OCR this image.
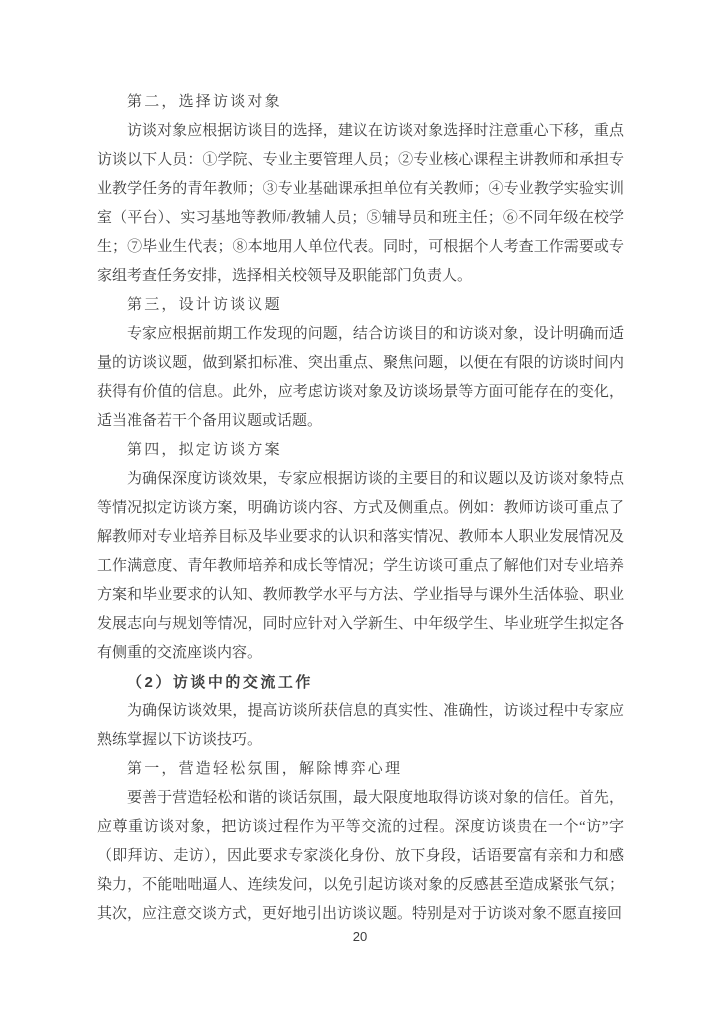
第二，选择访谈对象

访谈对象应根据访谈目的选择，建议在访谈对象选择时注意重心下移，重点访谈以下人员：①学院、专业主要管理人员；②专业核心课程主讲教师和承担专业教学任务的青年教师；③专业基础课承担单位有关教师；④专业教学实验实训室（平台）、实习基地等教师/教辅人员；⑤辅导员和班主任；⑥不同年级在校学生；⑦毕业生代表；⑧本地用人单位代表。同时，可根据个人考查工作需要或专家组考查任务安排，选择相关校领导及职能部门负责人。

第三，设计访谈议题

专家应根据前期工作发现的问题，结合访谈目的和访谈对象，设计明确而适量的访谈议题，做到紧扣标准、突出重点、聚焦问题，以便在有限的访谈时间内获得有价值的信息。此外，应考虑访谈对象及访谈场景等方面可能存在的变化，适当准备若干个备用议题或话题。

第四，拟定访谈方案

为确保深度访谈效果，专家应根据访谈的主要目的和议题以及访谈对象特点等情况拟定访谈方案，明确访谈内容、方式及侧重点。例如：教师访谈可重点了解教师对专业培养目标及毕业要求的认识和落实情况、教师本人职业发展情况及工作满意度、青年教师培养和成长等情况；学生访谈可重点了解他们对专业培养方案和毕业要求的认知、教师教学水平与方法、学业指导与课外生活体验、职业发展志向与规划等情况，同时应针对入学新生、中年级学生、毕业班学生拟定各有侧重的交流座谈内容。

（2）访谈中的交流工作

为确保访谈效果，提高访谈所获信息的真实性、准确性，访谈过程中专家应熟练掌握以下访谈技巧。

第一，营造轻松氛围，解除博弈心理

要善于营造轻松和谐的谈话氛围，最大限度地取得访谈对象的信任。首先，应尊重访谈对象，把访谈过程作为平等交流的过程。深度访谈贵在一个“访”字（即拜访、走访），因此要求专家淡化身份、放下身段，话语要富有亲和力和感染力，不能咄咄逼人、连续发问，以免引起访谈对象的反感甚至造成紧张气氛；其次，应注意交谈方式，更好地引出访谈议题。特别是对于访谈对象不愿直接回

20
